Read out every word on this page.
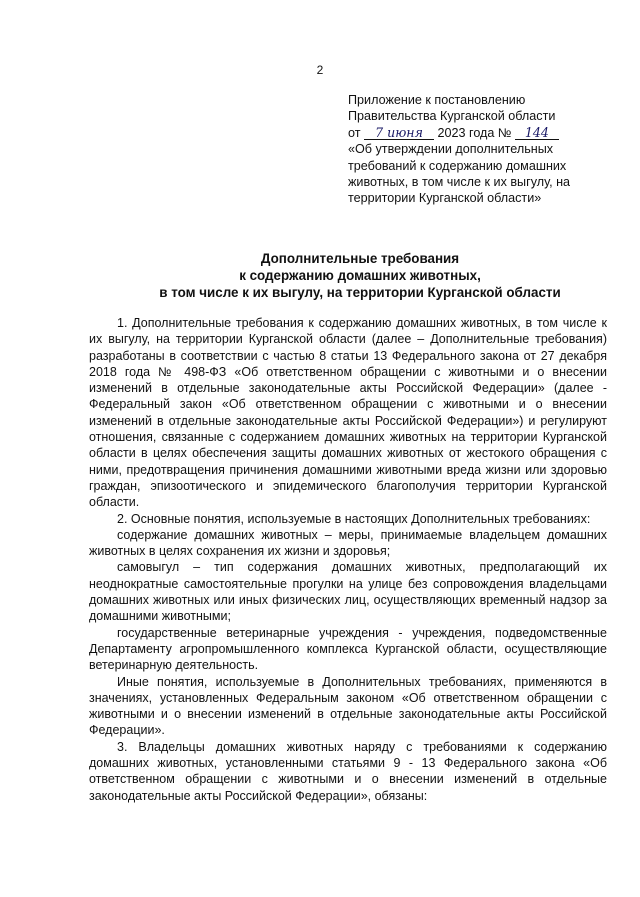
2
Приложение к постановлению
Правительства Курганской области
от 7 июня 2023 года № 144
«Об утверждении дополнительных
требований к содержанию домашних
животных, в том числе к их выгулу, на
территории Курганской области»
Дополнительные требования
к содержанию домашних животных,
в том числе к их выгулу, на территории Курганской области

1. Дополнительные требования к содержанию домашних животных, в том числе к их выгулу, на территории Курганской области (далее – Дополнительные требования) разработаны в соответствии с частью 8 статьи 13 Федерального закона от 27 декабря 2018 года № 498-ФЗ «Об ответственном обращении с животными и о внесении изменений в отдельные законодательные акты Российской Федерации» (далее - Федеральный закон «Об ответственном обращении с животными и о внесении изменений в отдельные законодательные акты Российской Федерации») и регулируют отношения, связанные с содержанием домашних животных на территории Курганской области в целях обеспечения защиты домашних животных от жестокого обращения с ними, предотвращения причинения домашними животными вреда жизни или здоровью граждан, эпизоотического и эпидемического благополучия территории Курганской области.

2. Основные понятия, используемые в настоящих Дополнительных требованиях:

содержание домашних животных – меры, принимаемые владельцем домашних животных в целях сохранения их жизни и здоровья;

самовыгул – тип содержания домашних животных, предполагающий их неоднократные самостоятельные прогулки на улице без сопровождения владельцами домашних животных или иных физических лиц, осуществляющих временный надзор за домашними животными;

государственные ветеринарные учреждения - учреждения, подведомственные Департаменту агропромышленного комплекса Курганской области, осуществляющие ветеринарную деятельность.

Иные понятия, используемые в Дополнительных требованиях, применяются в значениях, установленных Федеральным законом «Об ответственном обращении с животными и о внесении изменений в отдельные законодательные акты Российской Федерации».

3. Владельцы домашних животных наряду с требованиями к содержанию домашних животных, установленными статьями 9 - 13 Федерального закона «Об ответственном обращении с животными и о внесении изменений в отдельные законодательные акты Российской Федерации», обязаны:
